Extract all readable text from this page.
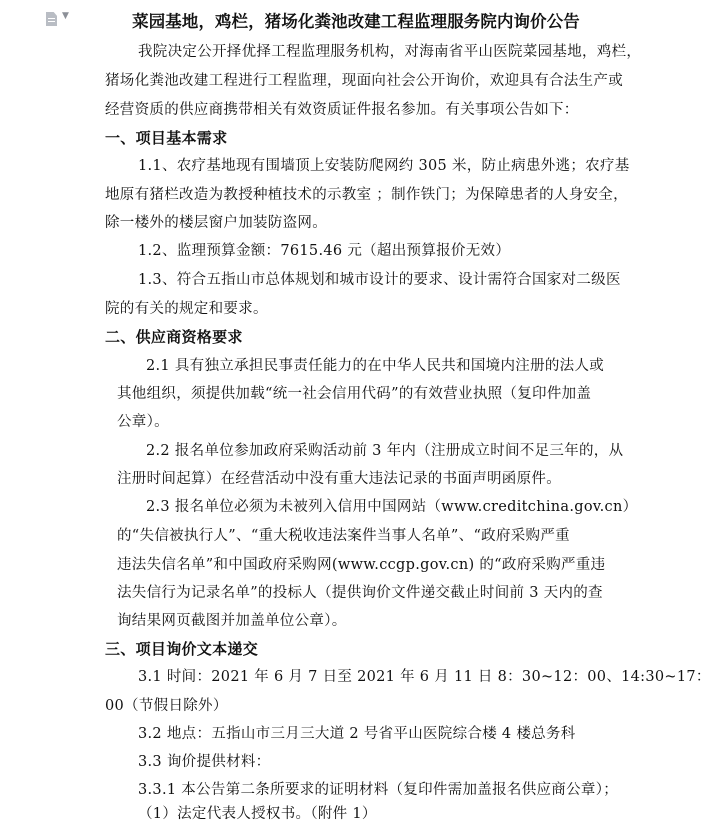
▼	菜园基地，鸡栏，猪场化粪池改建工程监理服务院内询价公告
我院决定公开择优择工程监理服务机构，对海南省平山医院菜园基地，鸡栏，
猪场化粪池改建工程进行工程监理，现面向社会公开询价，欢迎具有合法生产或
经营资质的供应商携带相关有效资质证件报名参加。有关事项公告如下：
一、项目基本需求
1.1、农疗基地现有围墙顶上安装防爬网约 305 米，防止病患外逃；农疗基
地原有猪栏改造为教授种植技术的示教室 ；制作铁门；为保障患者的人身安全，
除一楼外的楼层窗户加装防盗网。
1.2、监理预算金额：7615.46 元（超出预算报价无效）
1.3、符合五指山市总体规划和城市设计的要求、设计需符合国家对二级医
院的有关的规定和要求。
二、供应商资格要求
2.1 具有独立承担民事责任能力的在中华人民共和国境内注册的法人或
其他组织，须提供加载“统一社会信用代码”的有效营业执照（复印件加盖
公章）。
2.2 报名单位参加政府采购活动前 3 年内（注册成立时间不足三年的，从
注册时间起算）在经营活动中没有重大违法记录的书面声明函原件。
2.3 报名单位必须为未被列入信用中国网站（www.creditchina.gov.cn）
的“失信被执行人”、“重大税收违法案件当事人名单”、“政府采购严重
违法失信名单”和中国政府采购网(www.ccgp.gov.cn) 的“政府采购严重违
法失信行为记录名单”的投标人（提供询价文件递交截止时间前 3 天内的查
询结果网页截图并加盖单位公章）。
三、项目询价文本递交
3.1 时间：2021 年 6 月 7 日至 2021 年 6 月 11 日 8：30~12：00、14:30~17：
00（节假日除外）
3.2 地点：五指山市三月三大道 2 号省平山医院综合楼 4 楼总务科
3.3 询价提供材料：
3.3.1 本公告第二条所要求的证明材料（复印件需加盖报名供应商公章）；
（1）法定代表人授权书。（附件 1）
